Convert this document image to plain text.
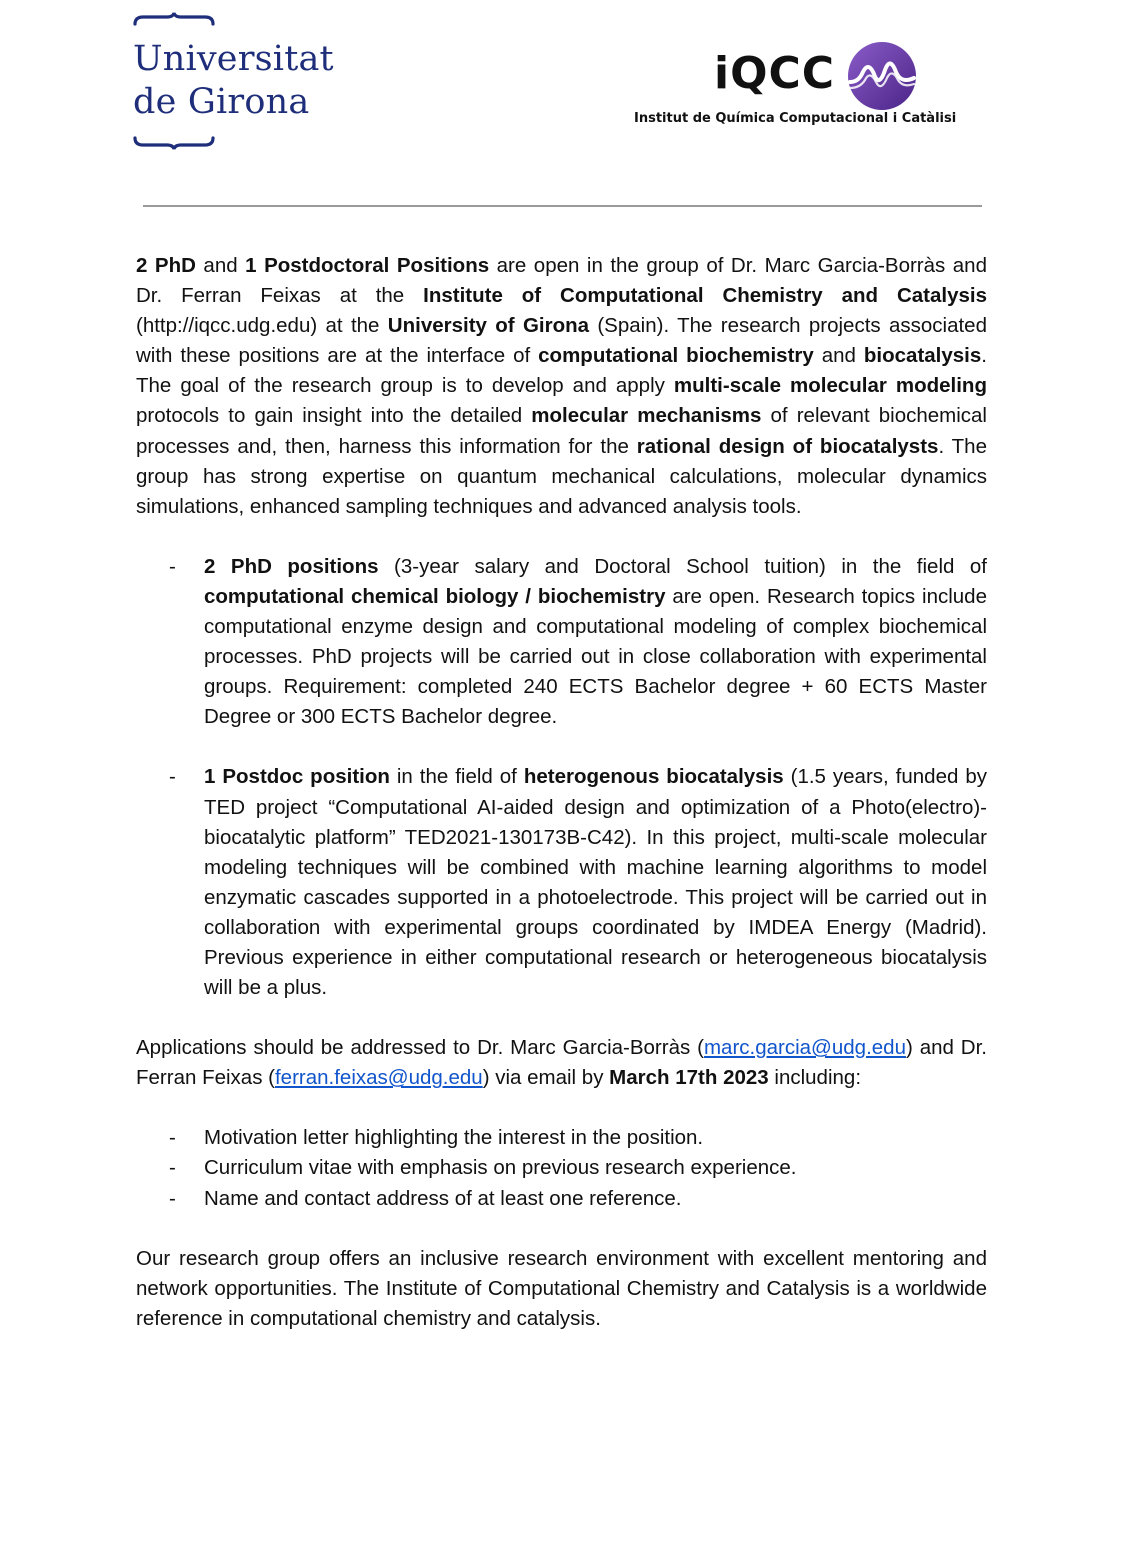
Universitat
de Girona
iQCC
Institut de Química Computacional i Catàlisi

2 PhD and 1 Postdoctoral Positions are open in the group of Dr. Marc Garcia-Borràs and Dr. Ferran Feixas at the Institute of Computational Chemistry and Catalysis (http://iqcc.udg.edu) at the University of Girona (Spain). The research projects associated with these positions are at the interface of computational biochemistry and biocatalysis. The goal of the research group is to develop and apply multi-scale molecular modeling protocols to gain insight into the detailed molecular mechanisms of relevant biochemical processes and, then, harness this information for the rational design of biocatalysts. The group has strong expertise on quantum mechanical calculations, molecular dynamics simulations, enhanced sampling techniques and advanced analysis tools.

- 2 PhD positions (3-year salary and Doctoral School tuition) in the field of computational chemical biology / biochemistry are open. Research topics include computational enzyme design and computational modeling of complex biochemical processes. PhD projects will be carried out in close collaboration with experimental groups. Requirement: completed 240 ECTS Bachelor degree + 60 ECTS Master Degree or 300 ECTS Bachelor degree.
- 1 Postdoc position in the field of heterogenous biocatalysis (1.5 years, funded by TED project “Computational AI-aided design and optimization of a Photo(electro)-biocatalytic platform” TED2021-130173B-C42). In this project, multi-scale molecular modeling techniques will be combined with machine learning algorithms to model enzymatic cascades supported in a photoelectrode. This project will be carried out in collaboration with experimental groups coordinated by IMDEA Energy (Madrid). Previous experience in either computational research or heterogeneous biocatalysis will be a plus.

Applications should be addressed to Dr. Marc Garcia-Borràs (marc.garcia@udg.edu) and Dr. Ferran Feixas (ferran.feixas@udg.edu) via email by March 17th 2023 including:

- Motivation letter highlighting the interest in the position.
- Curriculum vitae with emphasis on previous research experience.
- Name and contact address of at least one reference.

Our research group offers an inclusive research environment with excellent mentoring and network opportunities. The Institute of Computational Chemistry and Catalysis is a worldwide reference in computational chemistry and catalysis.
